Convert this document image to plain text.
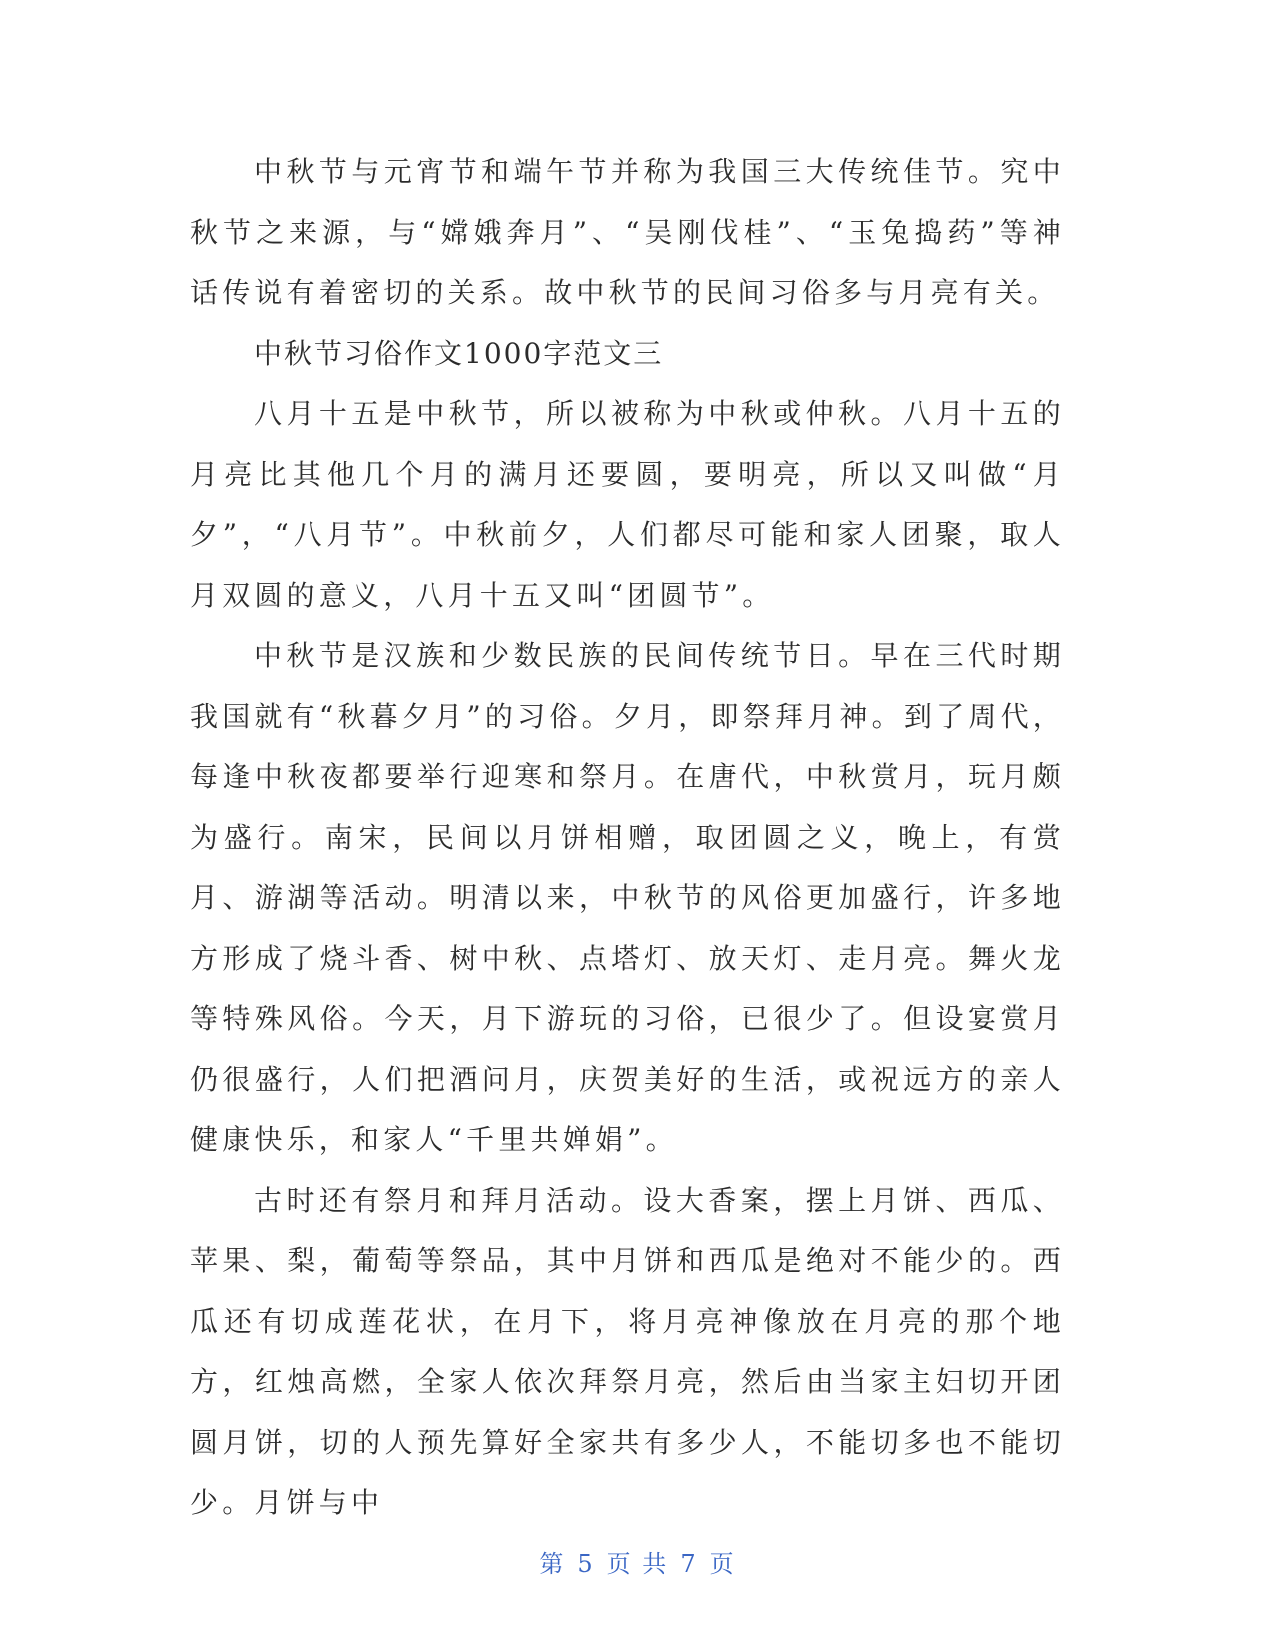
中秋节与元宵节和端午节并称为我国三大传统佳节。究中秋节之来源，与“嫦娥奔月”、“吴刚伐桂”、“玉兔捣药”等神话传说有着密切的关系。故中秋节的民间习俗多与月亮有关。

中秋节习俗作文1000字范文三

八月十五是中秋节，所以被称为中秋或仲秋。八月十五的月亮比其他几个月的满月还要圆，要明亮，所以又叫做“月夕”，“八月节”。中秋前夕，人们都尽可能和家人团聚，取人月双圆的意义，八月十五又叫“团圆节”。

中秋节是汉族和少数民族的民间传统节日。早在三代时期我国就有“秋暮夕月”的习俗。夕月，即祭拜月神。到了周代，每逢中秋夜都要举行迎寒和祭月。在唐代，中秋赏月，玩月颇为盛行。南宋，民间以月饼相赠，取团圆之义，晚上，有赏月、游湖等活动。明清以来，中秋节的风俗更加盛行，许多地方形成了烧斗香、树中秋、点塔灯、放天灯、走月亮。舞火龙等特殊风俗。今天，月下游玩的习俗，已很少了。但设宴赏月仍很盛行，人们把酒问月，庆贺美好的生活，或祝远方的亲人健康快乐，和家人“千里共婵娟”。

古时还有祭月和拜月活动。设大香案，摆上月饼、西瓜、苹果、梨，葡萄等祭品，其中月饼和西瓜是绝对不能少的。西瓜还有切成莲花状，在月下，将月亮神像放在月亮的那个地方，红烛高燃，全家人依次拜祭月亮，然后由当家主妇切开团圆月饼，切的人预先算好全家共有多少人，不能切多也不能切少。月饼与中

第 5 页 共 7 页
